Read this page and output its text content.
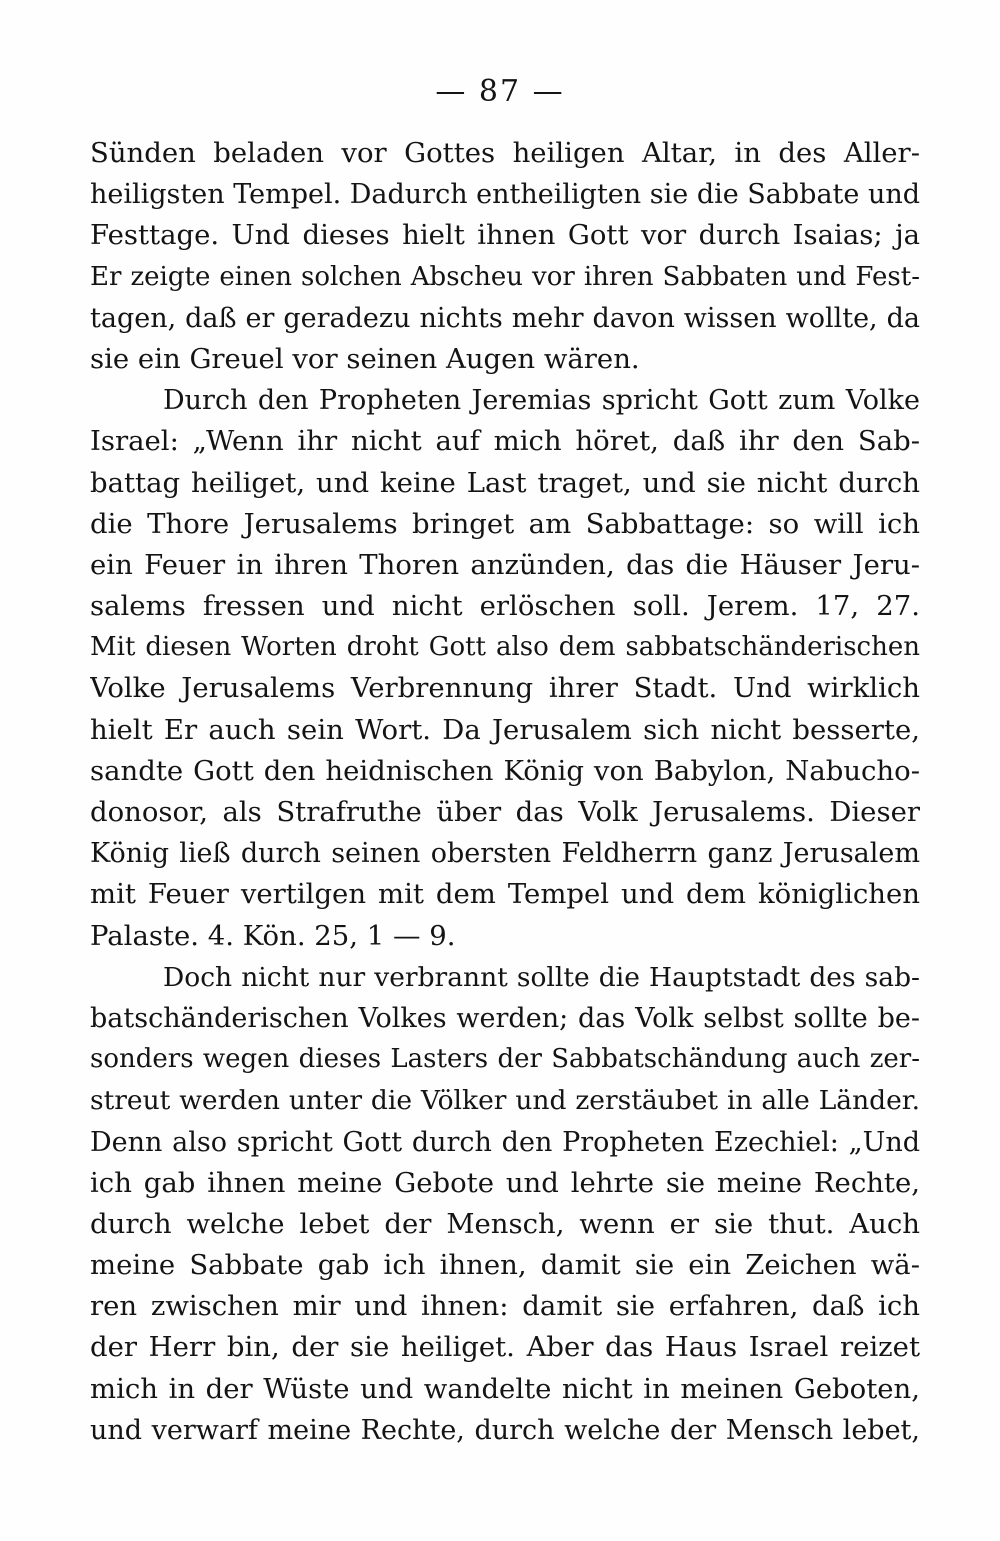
— 87 —
Sünden beladen vor Gottes heiligen Altar, in des Aller-
heiligsten Tempel. Dadurch entheiligten sie die Sabbate und
Festtage. Und dieses hielt ihnen Gott vor durch Isaias; ja
Er zeigte einen solchen Abscheu vor ihren Sabbaten und Fest-
tagen, daß er geradezu nichts mehr davon wissen wollte, da
sie ein Greuel vor seinen Augen wären.
Durch den Propheten Jeremias spricht Gott zum Volke
Israel: „Wenn ihr nicht auf mich höret, daß ihr den Sab-
battag heiliget, und keine Last traget, und sie nicht durch
die Thore Jerusalems bringet am Sabbattage: so will ich
ein Feuer in ihren Thoren anzünden, das die Häuser Jeru-
salems fressen und nicht erlöschen soll. Jerem. 17, 27.
Mit diesen Worten droht Gott also dem sabbatschänderischen
Volke Jerusalems Verbrennung ihrer Stadt. Und wirklich
hielt Er auch sein Wort. Da Jerusalem sich nicht besserte,
sandte Gott den heidnischen König von Babylon, Nabucho-
donosor, als Strafruthe über das Volk Jerusalems. Dieser
König ließ durch seinen obersten Feldherrn ganz Jerusalem
mit Feuer vertilgen mit dem Tempel und dem königlichen
Palaste. 4. Kön. 25, 1 — 9.
Doch nicht nur verbrannt sollte die Hauptstadt des sab-
batschänderischen Volkes werden; das Volk selbst sollte be-
sonders wegen dieses Lasters der Sabbatschändung auch zer-
streut werden unter die Völker und zerstäubet in alle Länder.
Denn also spricht Gott durch den Propheten Ezechiel: „Und
ich gab ihnen meine Gebote und lehrte sie meine Rechte,
durch welche lebet der Mensch, wenn er sie thut. Auch
meine Sabbate gab ich ihnen, damit sie ein Zeichen wä-
ren zwischen mir und ihnen: damit sie erfahren, daß ich
der Herr bin, der sie heiliget. Aber das Haus Israel reizet
mich in der Wüste und wandelte nicht in meinen Geboten,
und verwarf meine Rechte, durch welche der Mensch lebet,
